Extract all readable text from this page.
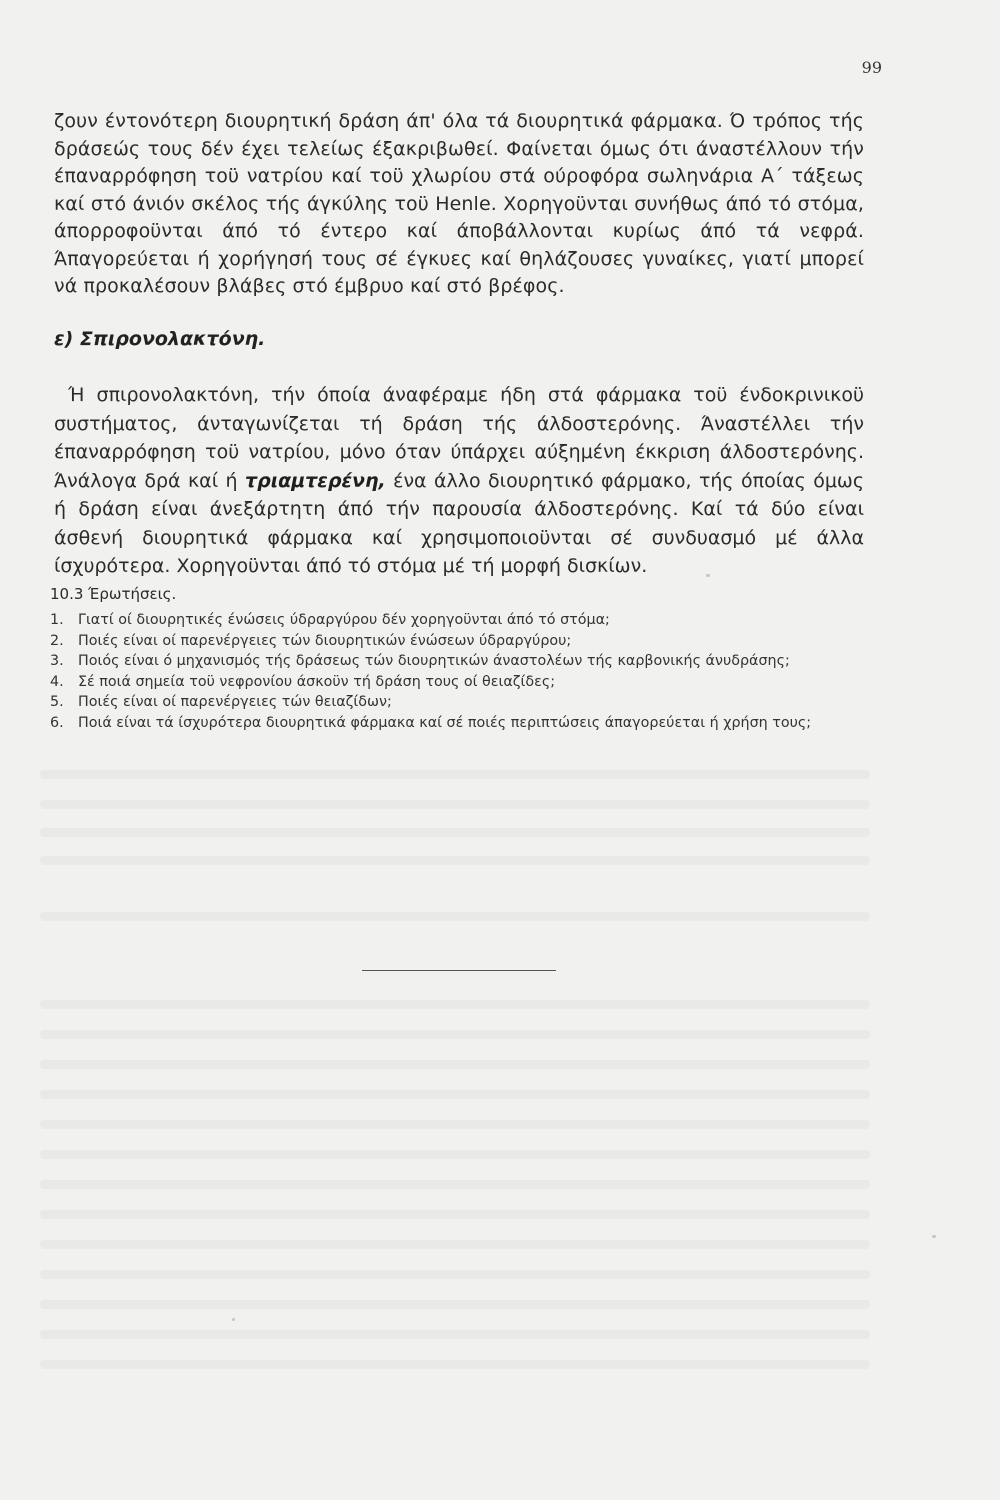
99

ζουν έντονότερη διουρητική δράση άπ' όλα τά διουρητικά φάρμακα. Ό τρόπος τής δράσεώς τους δέν έχει τελείως έξακριβωθεί. Φαίνεται όμως ότι άναστέλλουν τήν έπαναρρόφηση τοϋ νατρίου καί τοϋ χλωρίου στά ούροφόρα σωληνάρια Α΄ τάξεως καί στό άνιόν σκέλος τής άγκύλης τοϋ Henle. Χορηγοϋνται συνήθως άπό τό στόμα, άπορροφοϋνται άπό τό έντερο καί άποβάλλονται κυρίως άπό τά νεφρά. Άπαγορεύεται ή χορήγησή τους σέ έγκυες καί θηλάζουσες γυναίκες, γιατί μπορεί νά προκαλέσουν βλάβες στό έμβρυο καί στό βρέφος.

ε) Σπιρονολακτόνη.

Ή σπιρονολακτόνη, τήν όποία άναφέραμε ήδη στά φάρμακα τοϋ ένδοκρινικοϋ συστήματος, άνταγωνίζεται τή δράση τής άλδοστερόνης. Άναστέλλει τήν έπαναρρόφηση τοϋ νατρίου, μόνο όταν ύπάρχει αύξημένη έκκριση άλδοστερόνης. Άνάλογα δρά καί ή τριαμτερένη, ένα άλλο διουρητικό φάρμακο, τής όποίας όμως ή δράση είναι άνεξάρτητη άπό τήν παρουσία άλδοστερόνης. Καί τά δύο είναι άσθενή διουρητικά φάρμακα καί χρησιμοποιοϋνται σέ συνδυασμό μέ άλλα ίσχυρότερα. Χορηγοϋνται άπό τό στόμα μέ τή μορφή δισκίων.

10.3 Έρωτήσεις.
1.	Γιατί οί διουρητικές ένώσεις ύδραργύρου δέν χορηγοϋνται άπό τό στόμα;
2.	Ποιές είναι οί παρενέργειες τών διουρητικών ένώσεων ύδραργύρου;
3.	Ποιός είναι ό μηχανισμός τής δράσεως τών διουρητικών άναστολέων τής καρβονικής άνυδράσης;
4.	Σέ ποιά σημεία τοϋ νεφρονίου άσκοϋν τή δράση τους οί θειαζίδες;
5.	Ποιές είναι οί παρενέργειες τών θειαζίδων;
6.	Ποιά είναι τά ίσχυρότερα διουρητικά φάρμακα καί σέ ποιές περιπτώσεις άπαγορεύεται ή χρήση τους;
